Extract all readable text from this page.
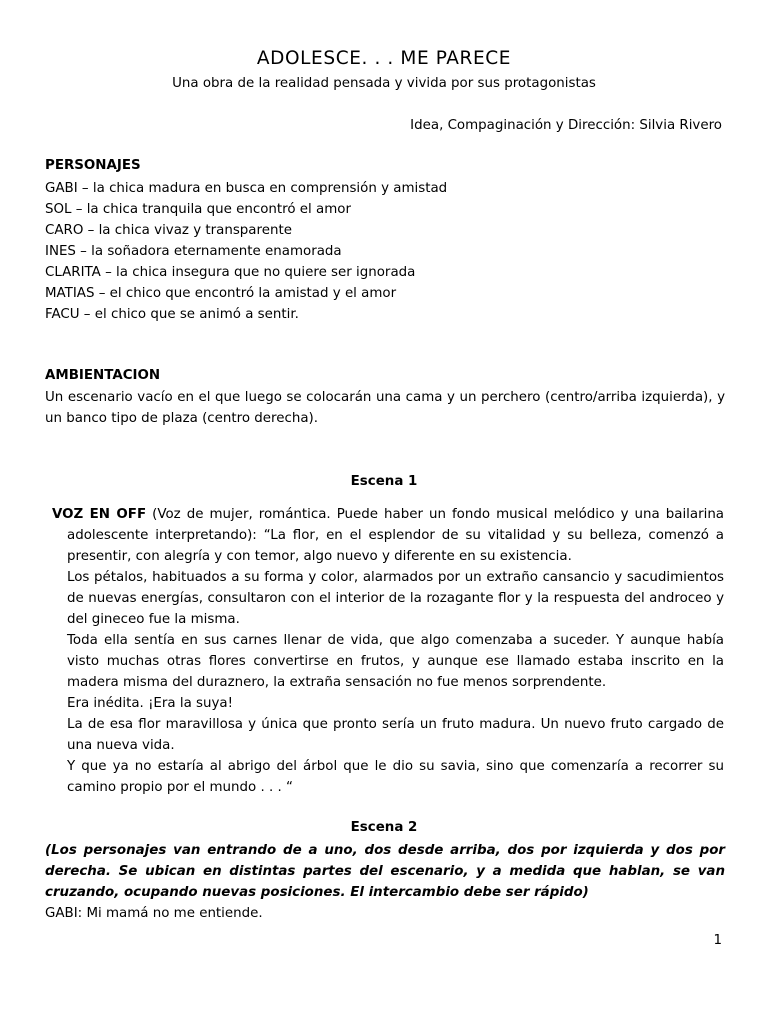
ADOLESCE. . . ME PARECE
Una obra de la realidad pensada y vivida por sus protagonistas
Idea, Compaginación y Dirección: Silvia Rivero
PERSONAJES
GABI – la chica madura en busca en comprensión y amistad
SOL – la chica tranquila que encontró el amor
CARO – la chica vivaz y transparente
INES – la soñadora eternamente enamorada
CLARITA – la chica insegura que no quiere ser ignorada
MATIAS – el chico que encontró la amistad y el amor
FACU – el chico que se animó a sentir.
AMBIENTACION

Un escenario vacío en el que luego se colocarán una cama y un perchero (centro/arriba izquierda), y un banco tipo de plaza (centro derecha).

Escena 1

VOZ EN OFF (Voz de mujer, romántica. Puede haber un fondo musical melódico y una bailarina adolescente interpretando): “La flor, en el esplendor de su vitalidad y su belleza, comenzó a presentir, con alegría y con temor, algo nuevo y diferente en su existencia.

Los pétalos, habituados a su forma y color, alarmados por un extraño cansancio y sacudimientos de nuevas energías, consultaron con el interior de la rozagante flor y la respuesta del androceo y del gineceo fue la misma.

Toda ella sentía en sus carnes llenar de vida, que algo comenzaba a suceder. Y aunque había visto muchas otras flores convertirse en frutos, y aunque ese llamado estaba inscrito en la madera misma del duraznero, la extraña sensación no fue menos sorprendente.

Era inédita. ¡Era la suya!

La de esa flor maravillosa y única que pronto sería un fruto madura. Un nuevo fruto cargado de una nueva vida.

Y que ya no estaría al abrigo del árbol que le dio su savia, sino que comenzaría a recorrer su camino propio por el mundo . . . “

Escena 2

(Los personajes van entrando de a uno, dos desde arriba, dos por izquierda y dos por derecha. Se ubican en distintas partes del escenario, y a medida que hablan, se van cruzando, ocupando nuevas posiciones. El intercambio debe ser rápido)

GABI: Mi mamá no me entiende.

1
